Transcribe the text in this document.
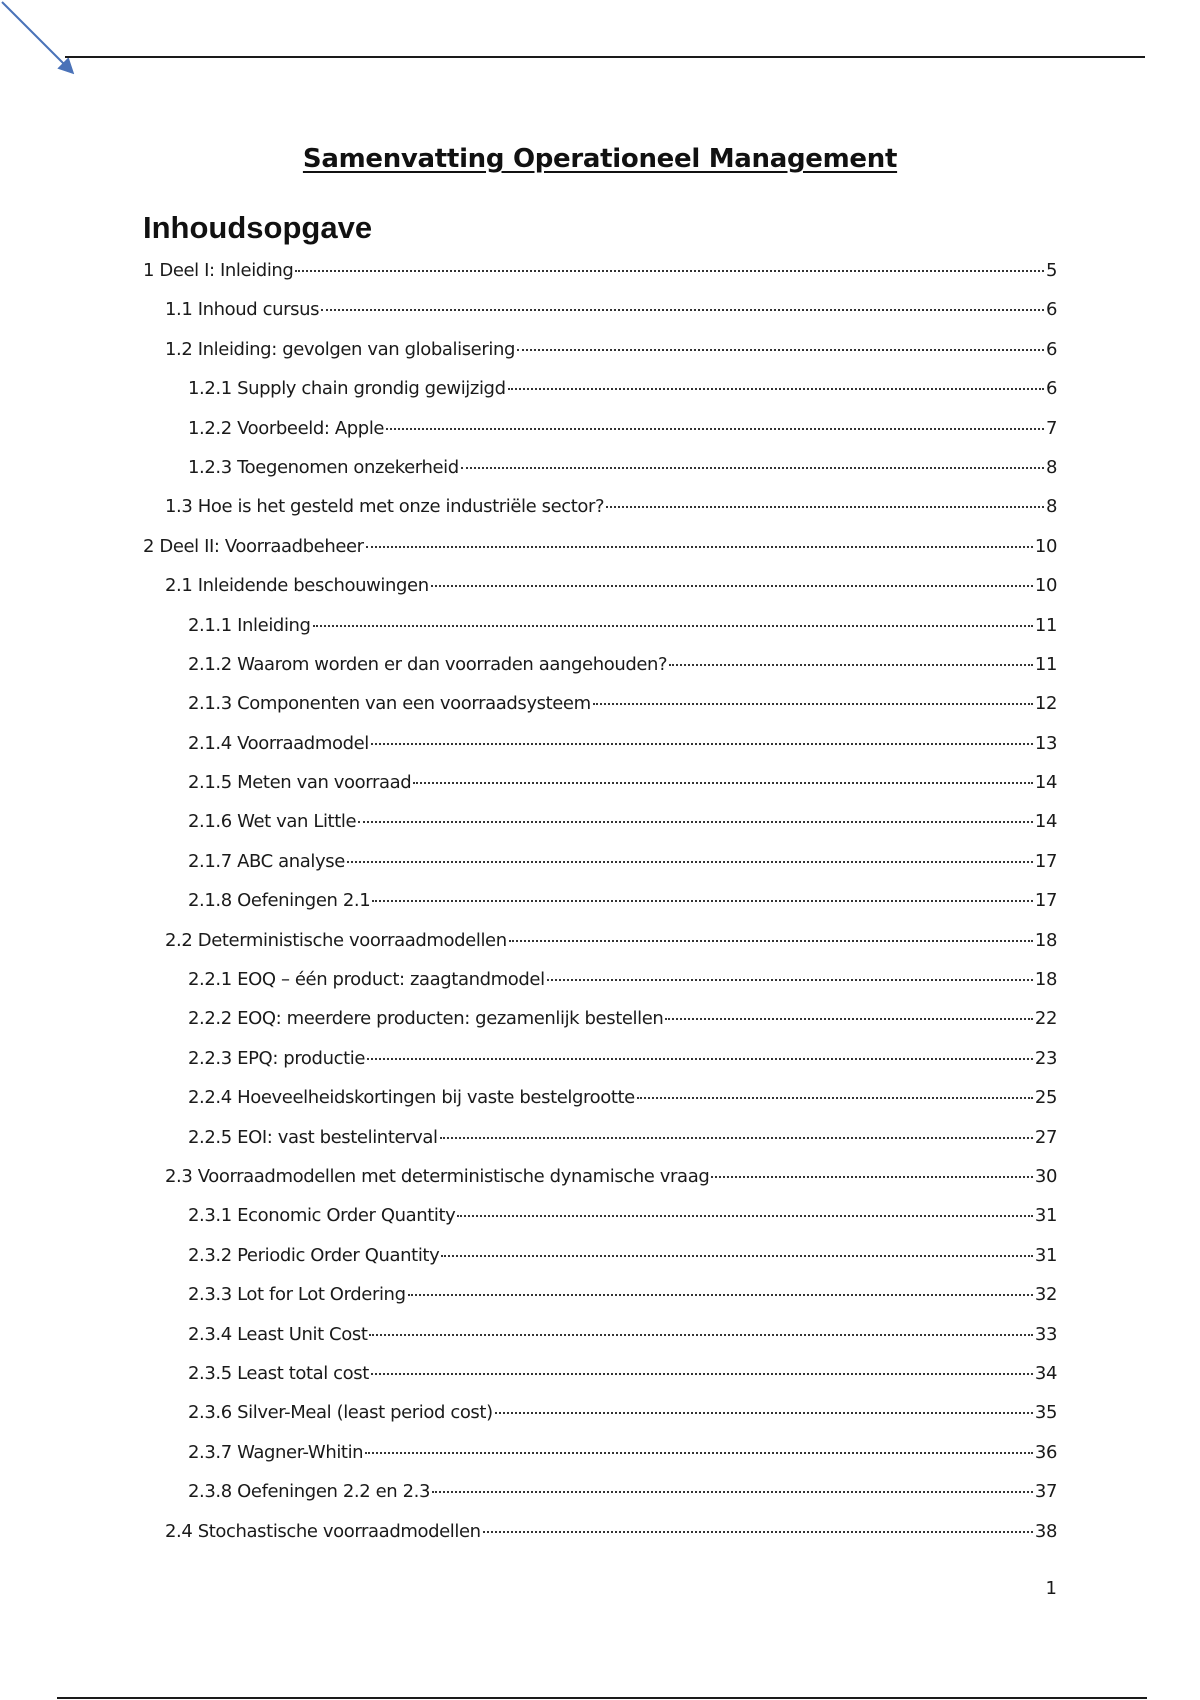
Samenvatting Operationeel Management
Inhoudsopgave
1 Deel I: Inleiding	5
1.1 Inhoud cursus	6
1.2 Inleiding: gevolgen van globalisering	6
1.2.1 Supply chain grondig gewijzigd	6
1.2.2 Voorbeeld: Apple	7
1.2.3 Toegenomen onzekerheid	8
1.3 Hoe is het gesteld met onze industriële sector?	8
2 Deel II: Voorraadbeheer	10
2.1 Inleidende beschouwingen	10
2.1.1 Inleiding	11
2.1.2 Waarom worden er dan voorraden aangehouden?	11
2.1.3 Componenten van een voorraadsysteem	12
2.1.4 Voorraadmodel	13
2.1.5 Meten van voorraad	14
2.1.6 Wet van Little	14
2.1.7 ABC analyse	17
2.1.8 Oefeningen 2.1	17
2.2 Deterministische voorraadmodellen	18
2.2.1 EOQ – één product: zaagtandmodel	18
2.2.2 EOQ: meerdere producten: gezamenlijk bestellen	22
2.2.3 EPQ: productie	23
2.2.4 Hoeveelheidskortingen bij vaste bestelgrootte	25
2.2.5 EOI: vast bestelinterval	27
2.3 Voorraadmodellen met deterministische dynamische vraag	30
2.3.1 Economic Order Quantity	31
2.3.2 Periodic Order Quantity	31
2.3.3 Lot for Lot Ordering	32
2.3.4 Least Unit Cost	33
2.3.5 Least total cost	34
2.3.6 Silver-Meal (least period cost)	35
2.3.7 Wagner-Whitin	36
2.3.8 Oefeningen 2.2 en 2.3	37
2.4 Stochastische voorraadmodellen	38
1
